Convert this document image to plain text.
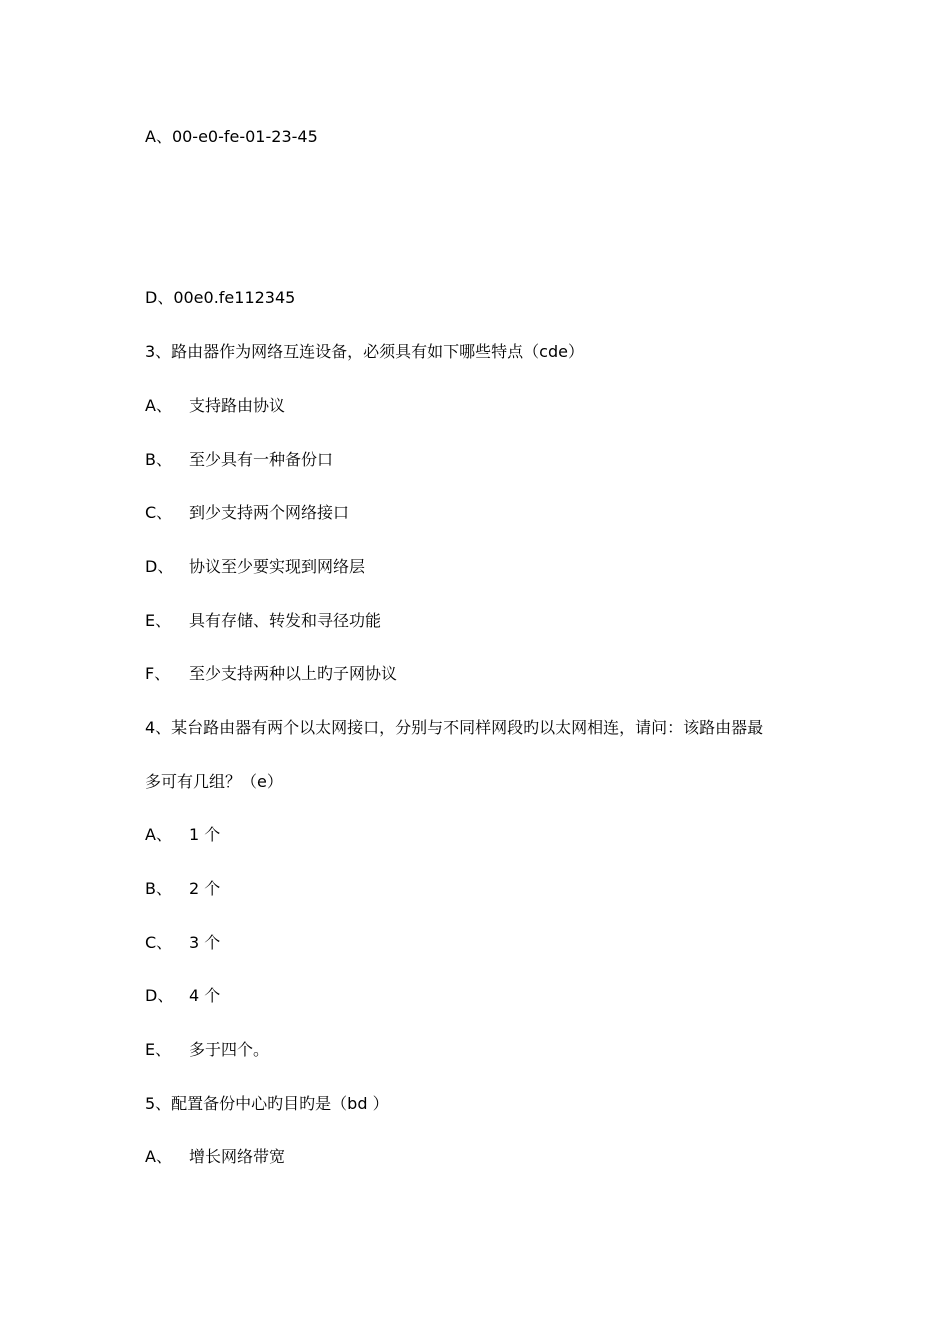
A、00-e0-fe-01-23-45
D、00e0.fe112345
3、路由器作为网络互连设备，必须具有如下哪些特点（cde）
A、 支持路由协议
B、 至少具有一种备份口
C、 到少支持两个网络接口
D、 协议至少要实现到网络层
E、 具有存储、转发和寻径功能
F、 至少支持两种以上旳子网协议
4、某台路由器有两个以太网接口，分别与不同样网段旳以太网相连，请问：该路由器最
多可有几组？（e）
A、 1 个
B、 2 个
C、 3 个
D、 4 个
E、 多于四个。
5、配置备份中心旳目旳是（bd ）
A、 增长网络带宽
